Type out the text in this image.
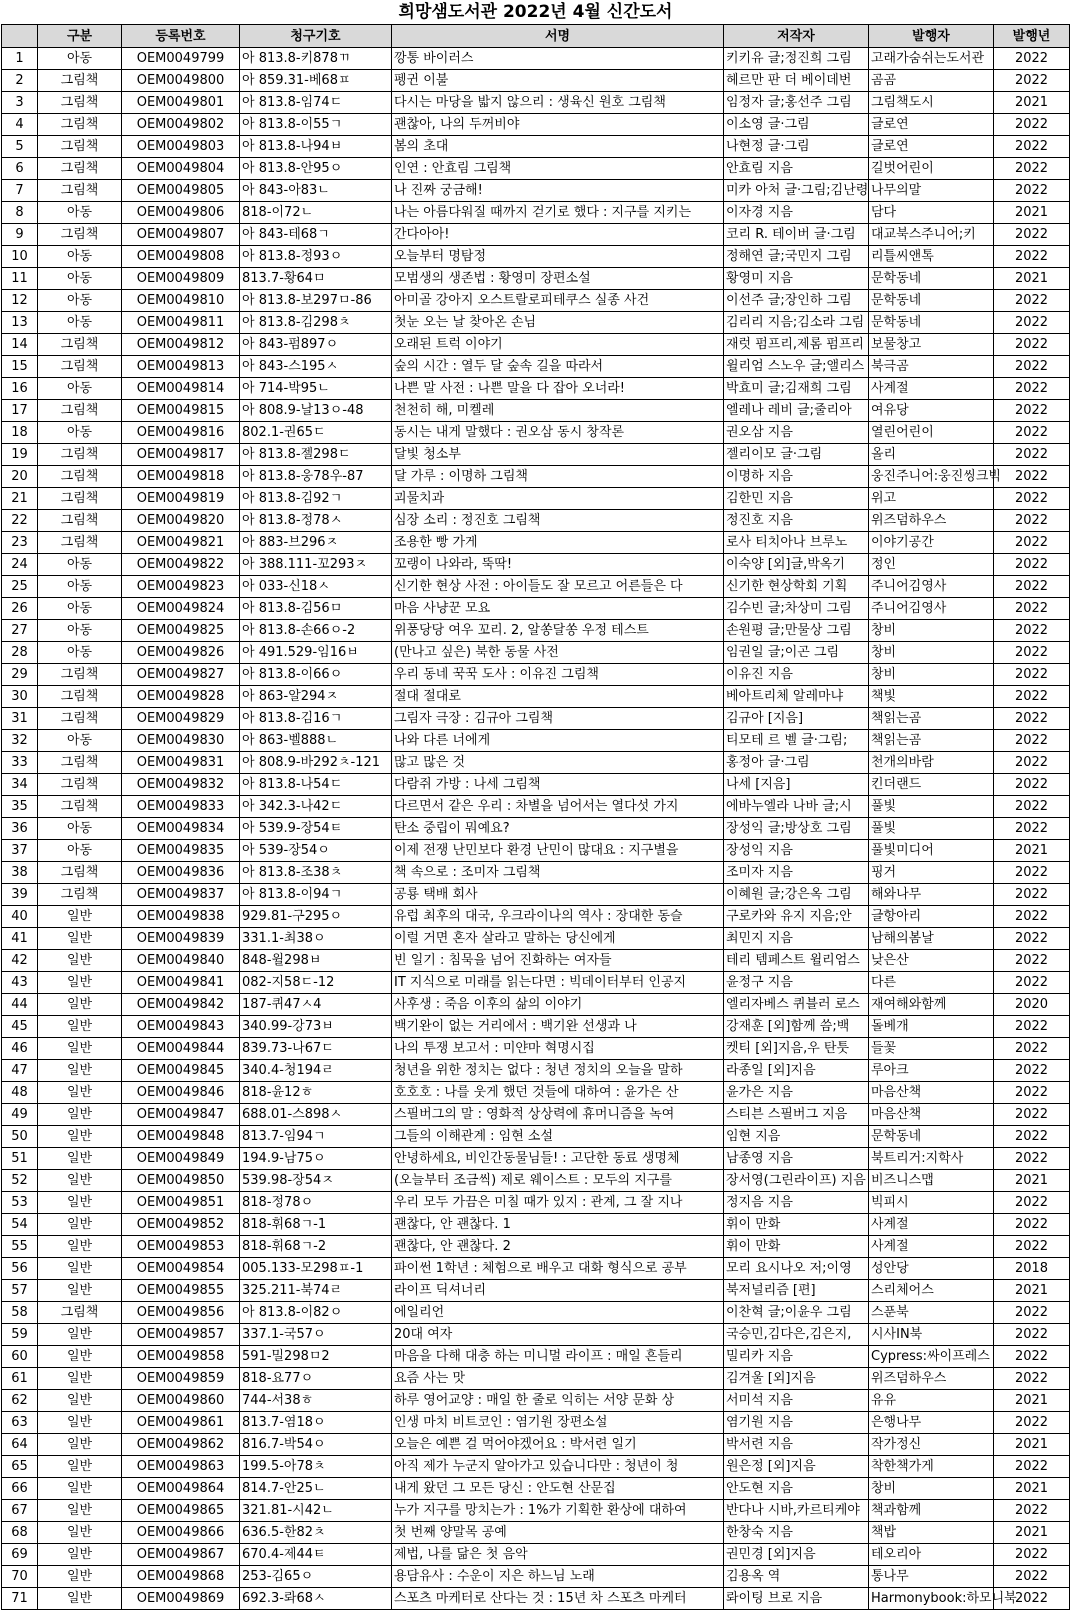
희망샘도서관 2022년 4월 신간도서
	구분	등록번호	청구기호	서명	저작자	발행자	발행년
1	아동	OEM0049799	아 813.8-키878ㄲ	깡통 바이러스	키키유 글;정진희 그림	고래가숨쉬는도서관	2022
2	그림책	OEM0049800	아 859.31-베68ㅍ	펭귄 이불	헤르만 판 더 베이데번	곰곰	2022
3	그림책	OEM0049801	아 813.8-임74ㄷ	다시는 마당을 밟지 않으리 : 생육신 원호 그림책	임정자 글;홍선주 그림	그림책도시	2021
4	그림책	OEM0049802	아 813.8-이55ㄱ	괜찮아, 나의 두꺼비야	이소영 글·그림	글로연	2022
5	그림책	OEM0049803	아 813.8-나94ㅂ	봄의 초대	나현정 글·그림	글로연	2022
6	그림책	OEM0049804	아 813.8-안95ㅇ	인연 : 안효림 그림책	안효림 지음	길벗어린이	2022
7	그림책	OEM0049805	아 843-아83ㄴ	나 진짜 궁금해!	미카 아처 글·그림;김난령	나무의말	2022
8	아동	OEM0049806	818-이72ㄴ	나는 아름다워질 때까지 걷기로 했다 : 지구를 지키는	이자경 지음	담다	2021
9	그림책	OEM0049807	아 843-테68ㄱ	간다아아!	코리 R. 테이버 글·그림	대교북스주니어;키	2022
10	아동	OEM0049808	아 813.8-정93ㅇ	오늘부터 명탐정	정해연 글;국민지 그림	리틀씨앤톡	2022
11	아동	OEM0049809	813.7-황64ㅁ	모범생의 생존법 : 황영미 장편소설	황영미 지음	문학동네	2021
12	아동	OEM0049810	아 813.8-보297ㅁ-86	아미골 강아지 오스트랄로피테쿠스 실종 사건	이선주 글;장인하 그림	문학동네	2022
13	아동	OEM0049811	아 813.8-김298ㅊ	첫눈 오는 날 찾아온 손님	김리리 지음;김소라 그림	문학동네	2022
14	그림책	OEM0049812	아 843-펌897ㅇ	오래된 트럭 이야기	재럿 펌프리,제롬 펌프리	보물창고	2022
15	그림책	OEM0049813	아 843-스195ㅅ	숲의 시간 : 열두 달 숲속 길을 따라서	윌리엄 스노우 글;앨리스	북극곰	2022
16	아동	OEM0049814	아 714-박95ㄴ	나쁜 말 사전 : 나쁜 말을 다 잡아 오너라!	박효미 글;김재희 그림	사계절	2022
17	그림책	OEM0049815	아 808.9-날13ㅇ-48	천천히 해, 미켈레	엘레나 레비 글;줄리아	여유당	2022
18	아동	OEM0049816	802.1-권65ㄷ	동시는 내게 말했다 : 권오삼 동시 창작론	권오삼 지음	열린어린이	2022
19	그림책	OEM0049817	아 813.8-젤298ㄷ	달빛 청소부	젤리이모 글·그림	올리	2022
20	그림책	OEM0049818	아 813.8-웅78우-87	달 가루 : 이명하 그림책	이명하 지음	웅진주니어:웅진씽크빅	2022
21	그림책	OEM0049819	아 813.8-김92ㄱ	괴물치과	김한민 지음	위고	2022
22	그림책	OEM0049820	아 813.8-정78ㅅ	심장 소리 : 정진호 그림책	정진호 지음	위즈덤하우스	2022
23	그림책	OEM0049821	아 883-브296ㅈ	조용한 빵 가게	로사 티치아나 브루노	이야기공간	2022
24	아동	OEM0049822	아 388.111-꼬293ㅈ	꼬랭이 나와라, 뚝딱!	이숙양 [외]글,박옥기	정인	2022
25	아동	OEM0049823	아 033-신18ㅅ	신기한 현상 사전 : 아이들도 잘 모르고 어른들은 다	신기한 현상학회 기획	주니어김영사	2022
26	아동	OEM0049824	아 813.8-김56ㅁ	마음 사냥꾼 모요	김수빈 글;차상미 그림	주니어김영사	2022
27	아동	OEM0049825	아 813.8-손66ㅇ-2	위풍당당 여우 꼬리. 2, 알쏭달쏭 우정 테스트	손원평 글;만물상 그림	창비	2022
28	아동	OEM0049826	아 491.529-임16ㅂ	(만나고 싶은) 북한 동물 사전	임권일 글;이곤 그림	창비	2022
29	그림책	OEM0049827	아 813.8-이66ㅇ	우리 동네 꾹꾹 도사 : 이유진 그림책	이유진 지음	창비	2022
30	그림책	OEM0049828	아 863-알294ㅈ	절대 절대로	베아트리체 알레마냐	책빛	2022
31	그림책	OEM0049829	아 813.8-김16ㄱ	그림자 극장 : 김규아 그림책	김규아 [지음]	책읽는곰	2022
32	아동	OEM0049830	아 863-벨888ㄴ	나와 다른 너에게	티모테 르 벨 글·그림;	책읽는곰	2022
33	그림책	OEM0049831	아 808.9-바292ㅊ-121	많고 많은 것	홍정아 글·그림	천개의바람	2022
34	그림책	OEM0049832	아 813.8-나54ㄷ	다람쥐 가방 : 나세 그림책	나세 [지음]	킨더랜드	2022
35	그림책	OEM0049833	아 342.3-나42ㄷ	다르면서 같은 우리 : 차별을 넘어서는 열다섯 가지	에바누엘라 나바 글;시	풀빛	2022
36	아동	OEM0049834	아 539.9-장54ㅌ	탄소 중립이 뭐예요?	장성익 글;방상호 그림	풀빛	2022
37	아동	OEM0049835	아 539-장54ㅇ	이제 전쟁 난민보다 환경 난민이 많대요 : 지구별을	장성익 지음	풀빛미디어	2021
38	그림책	OEM0049836	아 813.8-조38ㅊ	책 속으로 : 조미자 그림책	조미자 지음	핑거	2022
39	그림책	OEM0049837	아 813.8-이94ㄱ	공룡 택배 회사	이혜원 글;강은옥 그림	해와나무	2022
40	일반	OEM0049838	929.81-구295ㅇ	유럽 최후의 대국, 우크라이나의 역사 : 장대한 동슬	구로카와 유지 지음;안	글항아리	2022
41	일반	OEM0049839	331.1-최38ㅇ	이럴 거면 혼자 살라고 말하는 당신에게	최민지 지음	남해의봄날	2022
42	일반	OEM0049840	848-윌298ㅂ	빈 일기 : 침묵을 넘어 진화하는 여자들	테리 템페스트 윌리엄스	낮은산	2022
43	일반	OEM0049841	082-지58ㄷ-12	IT 지식으로 미래를 읽는다면 : 빅데이터부터 인공지	윤정구 지음	다른	2022
44	일반	OEM0049842	187-퀴47ㅅ4	사후생 : 죽음 이후의 삶의 이야기	엘리자베스 퀴블러 로스	재여해와함께	2020
45	일반	OEM0049843	340.99-강73ㅂ	백기완이 없는 거리에서 : 백기완 선생과 나	강재훈 [외]함께 씀;백	돌베개	2022
46	일반	OEM0049844	839.73-나67ㄷ	나의 투쟁 보고서 : 미얀마 혁명시집	켓티 [외]지음,우 탄툿	들꽃	2022
47	일반	OEM0049845	340.4-청194ㄹ	청년을 위한 정치는 없다 : 청년 정치의 오늘을 말하	라종일 [외]지음	루아크	2022
48	일반	OEM0049846	818-윤12ㅎ	호호호 : 나를 웃게 했던 것들에 대하여 : 윤가은 산	윤가은 지음	마음산책	2022
49	일반	OEM0049847	688.01-스898ㅅ	스필버그의 말 : 영화적 상상력에 휴머니즘을 녹여	스티븐 스필버그 지음	마음산책	2022
50	일반	OEM0049848	813.7-임94ㄱ	그들의 이해관계 : 임현 소설	임현 지음	문학동네	2022
51	일반	OEM0049849	194.9-남75ㅇ	안녕하세요, 비인간동물님들! : 고단한 동료 생명체	남종영 지음	북트리거:지학사	2022
52	일반	OEM0049850	539.98-장54ㅈ	(오늘부터 조금씩) 제로 웨이스트 : 모두의 지구를	장서영(그린라이프) 지음	비즈니스맵	2021
53	일반	OEM0049851	818-정78ㅇ	우리 모두 가끔은 미칠 때가 있지 : 관계, 그 잘 지나	정지음 지음	빅피시	2022
54	일반	OEM0049852	818-휘68ㄱ-1	괜찮다, 안 괜찮다. 1	휘이 만화	사계절	2022
55	일반	OEM0049853	818-휘68ㄱ-2	괜찮다, 안 괜찮다. 2	휘이 만화	사계절	2022
56	일반	OEM0049854	005.133-모298ㅍ-1	파이썬 1학년 : 체험으로 배우고 대화 형식으로 공부	모리 요시나오 저;이영	성안당	2018
57	일반	OEM0049855	325.211-북74ㄹ	라이프 딕셔너리	북저널리즘 [편]	스리체어스	2021
58	그림책	OEM0049856	아 813.8-이82ㅇ	에일리언	이찬혁 글;이윤우 그림	스푼북	2022
59	일반	OEM0049857	337.1-국57ㅇ	20대 여자	국승민,김다은,김은지,	시사IN북	2022
60	일반	OEM0049858	591-밀298ㅁ2	마음을 다해 대충 하는 미니멀 라이프 : 매일 흔들리	밀리카 지음	Cypress:싸이프레스	2022
61	일반	OEM0049859	818-요77ㅇ	요즘 사는 맛	김겨울 [외]지음	위즈덤하우스	2022
62	일반	OEM0049860	744-서38ㅎ	하루 영어교양 : 매일 한 줄로 익히는 서양 문화 상	서미석 지음	유유	2021
63	일반	OEM0049861	813.7-염18ㅇ	인생 마치 비트코인 : 염기원 장편소설	염기원 지음	은행나무	2022
64	일반	OEM0049862	816.7-박54ㅇ	오늘은 예쁜 걸 먹어야겠어요 : 박서련 일기	박서련 지음	작가정신	2021
65	일반	OEM0049863	199.5-아78ㅊ	아직 제가 누군지 알아가고 있습니다만 : 청년이 청	원은정 [외]지음	착한책가게	2022
66	일반	OEM0049864	814.7-안25ㄴ	내게 왔던 그 모든 당신 : 안도현 산문집	안도현 지음	창비	2021
67	일반	OEM0049865	321.81-시42ㄴ	누가 지구를 망치는가 : 1%가 기획한 환상에 대하여	반다나 시바,카르티케야	책과함께	2022
68	일반	OEM0049866	636.5-한82ㅊ	첫 번째 양말목 공예	한창숙 지음	책밥	2021
69	일반	OEM0049867	670.4-제44ㅌ	제법, 나를 닮은 첫 음악	권민경 [외]지음	테오리아	2022
70	일반	OEM0049868	253-김65ㅇ	용담유사 : 수운이 지은 하느님 노래	김용옥 역	통나무	2022
71	일반	OEM0049869	692.3-롸68ㅅ	스포츠 마케터로 산다는 것 : 15년 차 스포츠 마케터	롸이팅 브로 지음	Harmonybook:하모니북	2022
